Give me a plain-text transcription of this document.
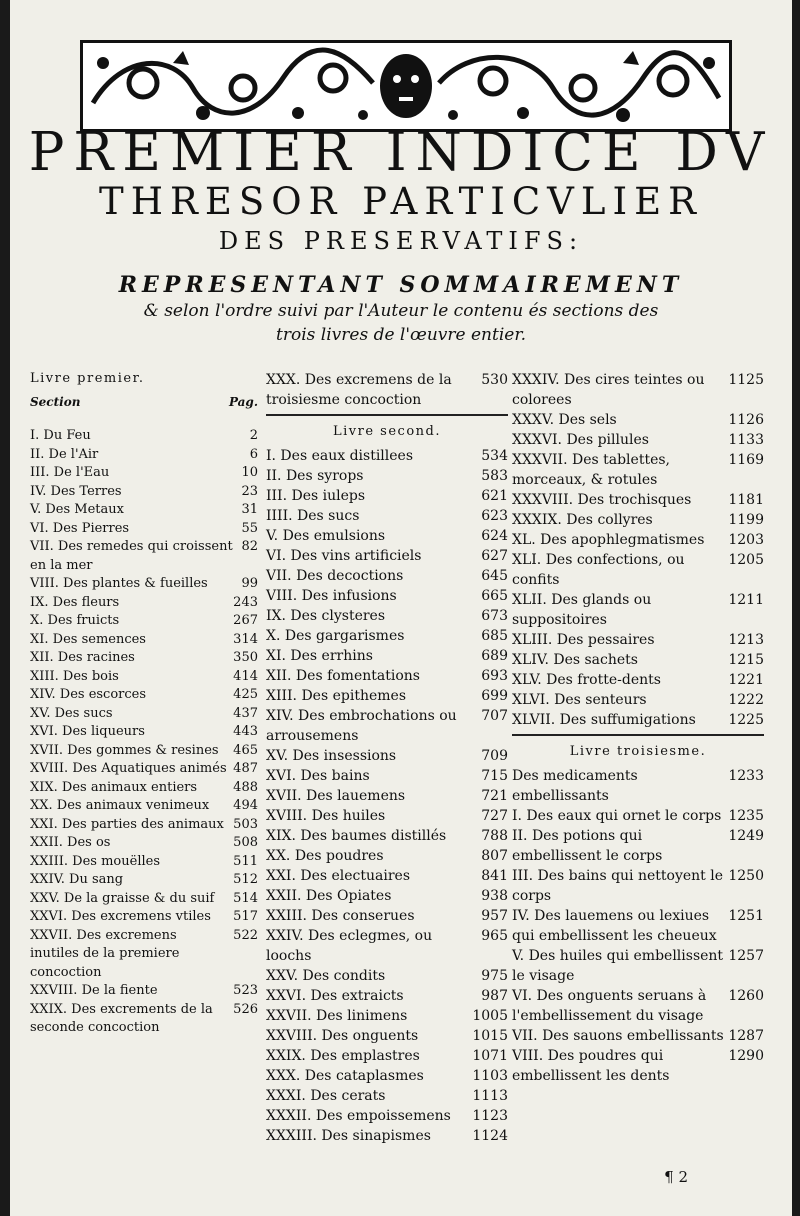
PREMIER INDICE DV
THRESOR PARTICVLIER
DES PRESERVATIFS:
REPRESENTANT SOMMAIREMENT
& selon l'ordre suivi par l'Auteur le contenu és sections des
trois livres de l'œuvre entier.
Livre premier.
Section	Pag.
I. Du Feu	2
II. De l'Air	6
III. De l'Eau	10
IV. Des Terres	23
V. Des Metaux	31
VI. Des Pierres	55
VII. Des remedes qui croissent en la mer
82
VIII. Des plantes & fueilles	99
IX. Des fleurs	243
X. Des fruicts	267
XI. Des semences	314
XII. Des racines	350
XIII. Des bois	414
XIV. Des escorces	425
XV. Des sucs	437
XVI. Des liqueurs	443
XVII. Des gommes & resines	465
XVIII. Des Aquatiques animés 487
XIX. Des animaux entiers	488
XX. Des animaux venimeux	494
XXI. Des parties des animaux 503
XXII. Des os	508
XXIII. Des mouëlles	511
XXIV. Du sang	512
XXV. De la graisse & du suif	514
XXVI. Des excremens vtiles	517
XXVII. Des excremens inutiles de la premiere concoction
522
XXVIII. De la fiente	523
XXIX. Des excrements de la seconde concoction
526
XXX. Des excremens de la troisiesme concoction
530
Livre second.
I. Des eaux distillees	534
II. Des syrops	583
III. Des iuleps	621
IIII. Des sucs	623
V. Des emulsions	624
VI. Des vins artificiels	627
VII. Des decoctions	645
VIII. Des infusions	665
IX. Des clysteres	673
X. Des gargarismes	685
XI. Des errhins	689
XII. Des fomentations	693
XIII. Des epithemes	699
XIV. Des embrochations ou arrousemens
707
XV. Des insessions	709
XVI. Des bains	715
XVII. Des lauemens	721
XVIII. Des huiles	727
XIX. Des baumes distillés	788
XX. Des poudres	807
XXI. Des electuaires	841
XXII. Des Opiates	938
XXIII. Des conserues	957
XXIV. Des eclegmes, ou loochs
965
XXV. Des condits	975
XXVI. Des extraicts	987
XXVII. Des linimens	1005
XXVIII. Des onguents	1015
XXIX. Des emplastres	1071
XXX. Des cataplasmes	1103
XXXI. Des cerats	1113
XXXII. Des empoissemens	1123
XXXIII. Des sinapismes	1124
XXXIV. Des cires teintes ou colorees
1125
XXXV. Des sels	1126
XXXVI. Des pillules	1133
XXXVII. Des tablettes, morceaux, & rotules
1169
XXXVIII. Des trochisques	1181
XXXIX. Des collyres	1199
XL. Des apophlegmatismes	1203
XLI. Des confections, ou confits
1205
XLII. Des glands ou suppositoires
1211
XLIII. Des pessaires	1213
XLIV. Des sachets	1215
XLV. Des frotte-dents	1221
XLVI. Des senteurs	1222
XLVII. Des suffumigations	1225
Livre troisiesme.
Des medicaments embellissants
1233
I. Des eaux qui ornet le corps 1235
II. Des potions qui embellissent le corps
1249
III. Des bains qui nettoyent le corps
1250
IV. Des lauemens ou lexiues qui embellissent les cheueux
1251
V. Des huiles qui embellissent le visage
1257
VI. Des onguents seruans à l'embellissement du visage
1260
VII. Des sauons embellissants 1287
VIII. Des poudres qui embellissent les dents
1290
¶ 2
